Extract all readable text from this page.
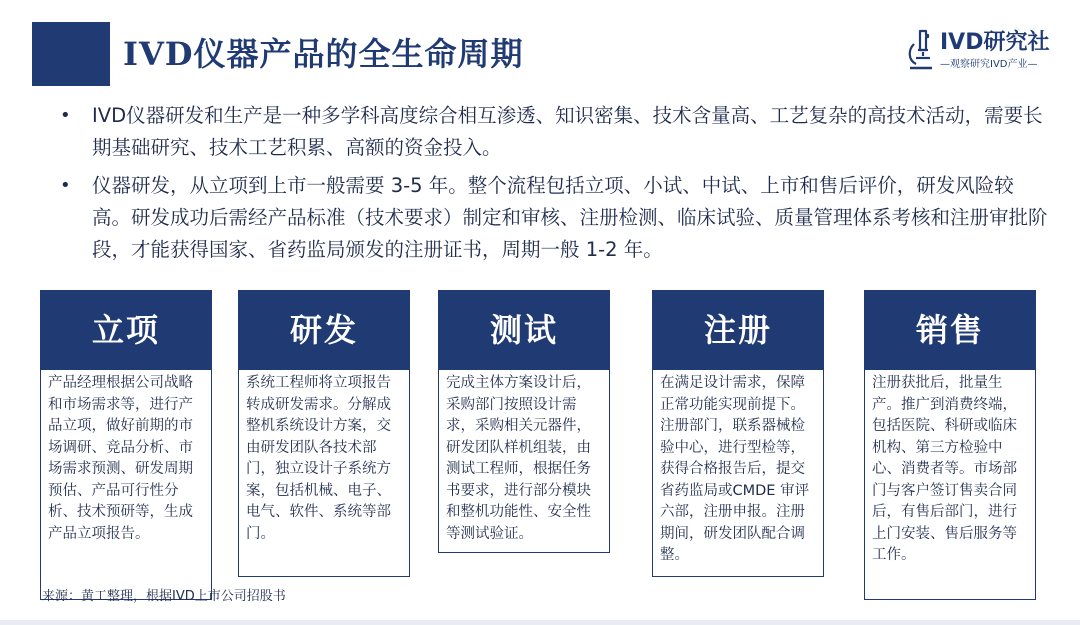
IVD仪器产品的全生命周期	IVD研究社
—观察研究IVD产业—
• IVD仪器研发和生产是一种多学科高度综合相互渗透、知识密集、技术含量高、工艺复杂的高技术活动，需要长期基础研究、技术工艺积累、高额的资金投入。
• 仪器研发，从立项到上市一般需要 3-5 年。整个流程包括立项、小试、中试、上市和售后评价，研发风险较高。研发成功后需经产品标准（技术要求）制定和审核、注册检测、临床试验、质量管理体系考核和注册审批阶段，才能获得国家、省药监局颁发的注册证书，周期一般 1-2 年。
立项
产品经理根据公司战略和市场需求等，进行产品立项，做好前期的市场调研、竞品分析、市场需求预测、研发周期预估、产品可行性分析、技术预研等，生成产品立项报告。
研发
系统工程师将立项报告转成研发需求。分解成整机系统设计方案，交由研发团队各技术部门，独立设计子系统方案，包括机械、电子、电气、软件、系统等部门。
测试
完成主体方案设计后，采购部门按照设计需求，采购相关元器件，研发团队样机组装，由测试工程师，根据任务书要求，进行部分模块和整机功能性、安全性等测试验证。
注册
在满足设计需求，保障正常功能实现前提下。注册部门，联系器械检验中心，进行型检等，获得合格报告后，提交省药监局或CMDE 审评六部，注册申报。注册期间，研发团队配合调整。
销售
注册获批后，批量生产。推广到消费终端，包括医院、科研或临床机构、第三方检验中心、消费者等。市场部门与客户签订售卖合同后，有售后部门，进行上门安装、售后服务等工作。
来源：黄工整理，根据IVD上市公司招股书
